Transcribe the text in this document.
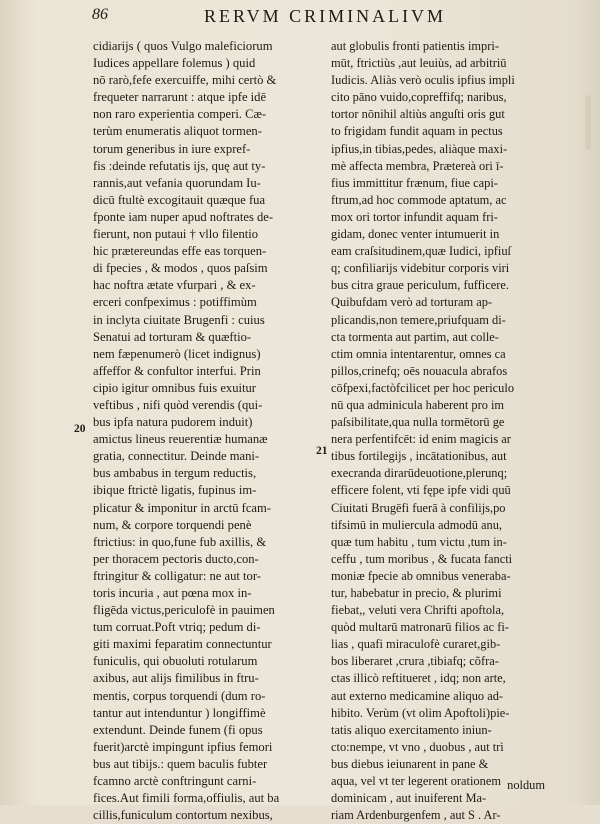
86	RERVM CRIMINALIVM
cidiarijs ( quos Vulgo maleficiorum
Iudices appellare folemus ) quid
nō rarò,fefe exercuiffe, mihi certò &
frequeter narrarunt : atque ipfe idē
non raro experientia comperi. Cæ-
terùm enumeratis aliquot tormen-
torum generibus in iure expref-
fis :deinde refutatis ijs, quę aut ty-
rannis,aut vefania quorundam Iu-
dicū ftultè excogitauit quæque fua
fponte iam nuper apud noftrates de-
fierunt, non putaui † vllo filentio
hic prætereundas effe eas torquen-
di fpecies , & modos , quos paſsim
hac noftra ætate vfurpari , & ex-
erceri confpeximus : potiffimùm
in inclyta ciuitate Brugenfi : cuius
Senatui ad torturam & quæftio-
nem fæpenumerò (licet indignus)
affeffor & confultor interfui. Prin
cipio igitur omnibus fuis exuitur
veftibus , nifi quòd verendis (qui-
bus ipfa natura pudorem induit)
amictus lineus reuerentiæ humanæ
gratia, connectitur. Deinde mani-
bus ambabus in tergum reductis,
ibique ftrictè ligatis, fupinus im-
plicatur & imponitur in arctū fcam-
num, & corpore torquendi penè
ftrictius: in quo,fune fub axillis, &
per thoracem pectoris ducto,con-
ftringitur & colligatur: ne aut tor-
toris incuria , aut pœna mox in-
fligēda victus,periculofè in pauimen
tum corruat.Poft vtriq; pedum di-
giti maximi feparatim connectuntur
funiculis, qui obuoluti rotularum
axibus, aut alijs fimilibus in ftru-
mentis, corpus torquendi (dum ro-
tantur aut intenduntur ) longiffimè
extendunt. Deinde funem (fi opus
fuerit)arctè impingunt ipfius femori
bus aut tibijs.: quem baculis fubter
fcamno arctè conftringunt carni-
fices.Aut fimili forma,offiulis, aut ba
cillis,funiculum contortum nexibus,
aut globulis fronti patientis impri-
mūt, ftrictiùs ,aut leuiùs, ad arbitriū
Iudicis. Aliàs verò oculis ipfius impli
cito pāno vuido,copreffifq; naribus,
tortor nōnihil altiùs anguſti oris gut
to frigidam fundit aquam in pectus
ipfius,in tibias,pedes, aliàque maxi-
mè affecta membra, Prætereà ori ī-
fius immittitur frænum, fiue capi-
ftrum,ad hoc commode aptatum, ac
mox ori tortor infundit aquam fri-
gidam, donec venter intumuerit in
eam craſsitudinem,quæ Iudici, ipfiuſ
q; confiliarijs videbitur corporis viri
bus citra graue periculum, fufficere.
Quibufdam verò ad torturam ap-
plicandis,non temere,priufquam di-
cta tormenta aut partim, aut colle-
ctim omnia intentarentur, omnes ca
pillos,crinefq; oēs nouacula abrafos
cōfpexi,factòfcilicet per hoc periculo
nū qua adminicula haberent pro im
paſsibilitate,qua nulla tormētorū ge
nera perfentifcēt: id enim magicis ar
tibus fortilegijs , incātationibus, aut
execranda dirarūdeuotione,plerunq;
efficere folent, vti fępe ipfe vidi quū
Ciuitati Brugēfi fuerā à confilijs,po
tifsimū in muliercula admodū anu,
quæ tum habitu , tum victu ,tum in-
ceffu , tum moribus , & fucata fancti
moniæ fpecie ab omnibus veneraba-
tur, habebatur in precio, & plurimi
fiebat,, veluti vera Chrifti apoftola,
quòd multarū matronarū filios ac fi-
lias , quafi miraculofè curaret,gib-
bos liberaret ,crura ,tibiafq; cõfra-
ctas illicò reftitueret , idq; non arte,
aut externo medicamine aliquo ad-
hibito. Verùm (vt olim Apoftoli)pie-
tatis aliquo exercitamento iniun-
cto:nempe, vt vno , duobus , aut trì
bus diebus ieiunarent in pane &
aqua, vel vt ter legerent orationem
dominicam , aut inuiferent Ma-
riam Ardenburgenfem , aut S . Ar-
20
21
noldum
